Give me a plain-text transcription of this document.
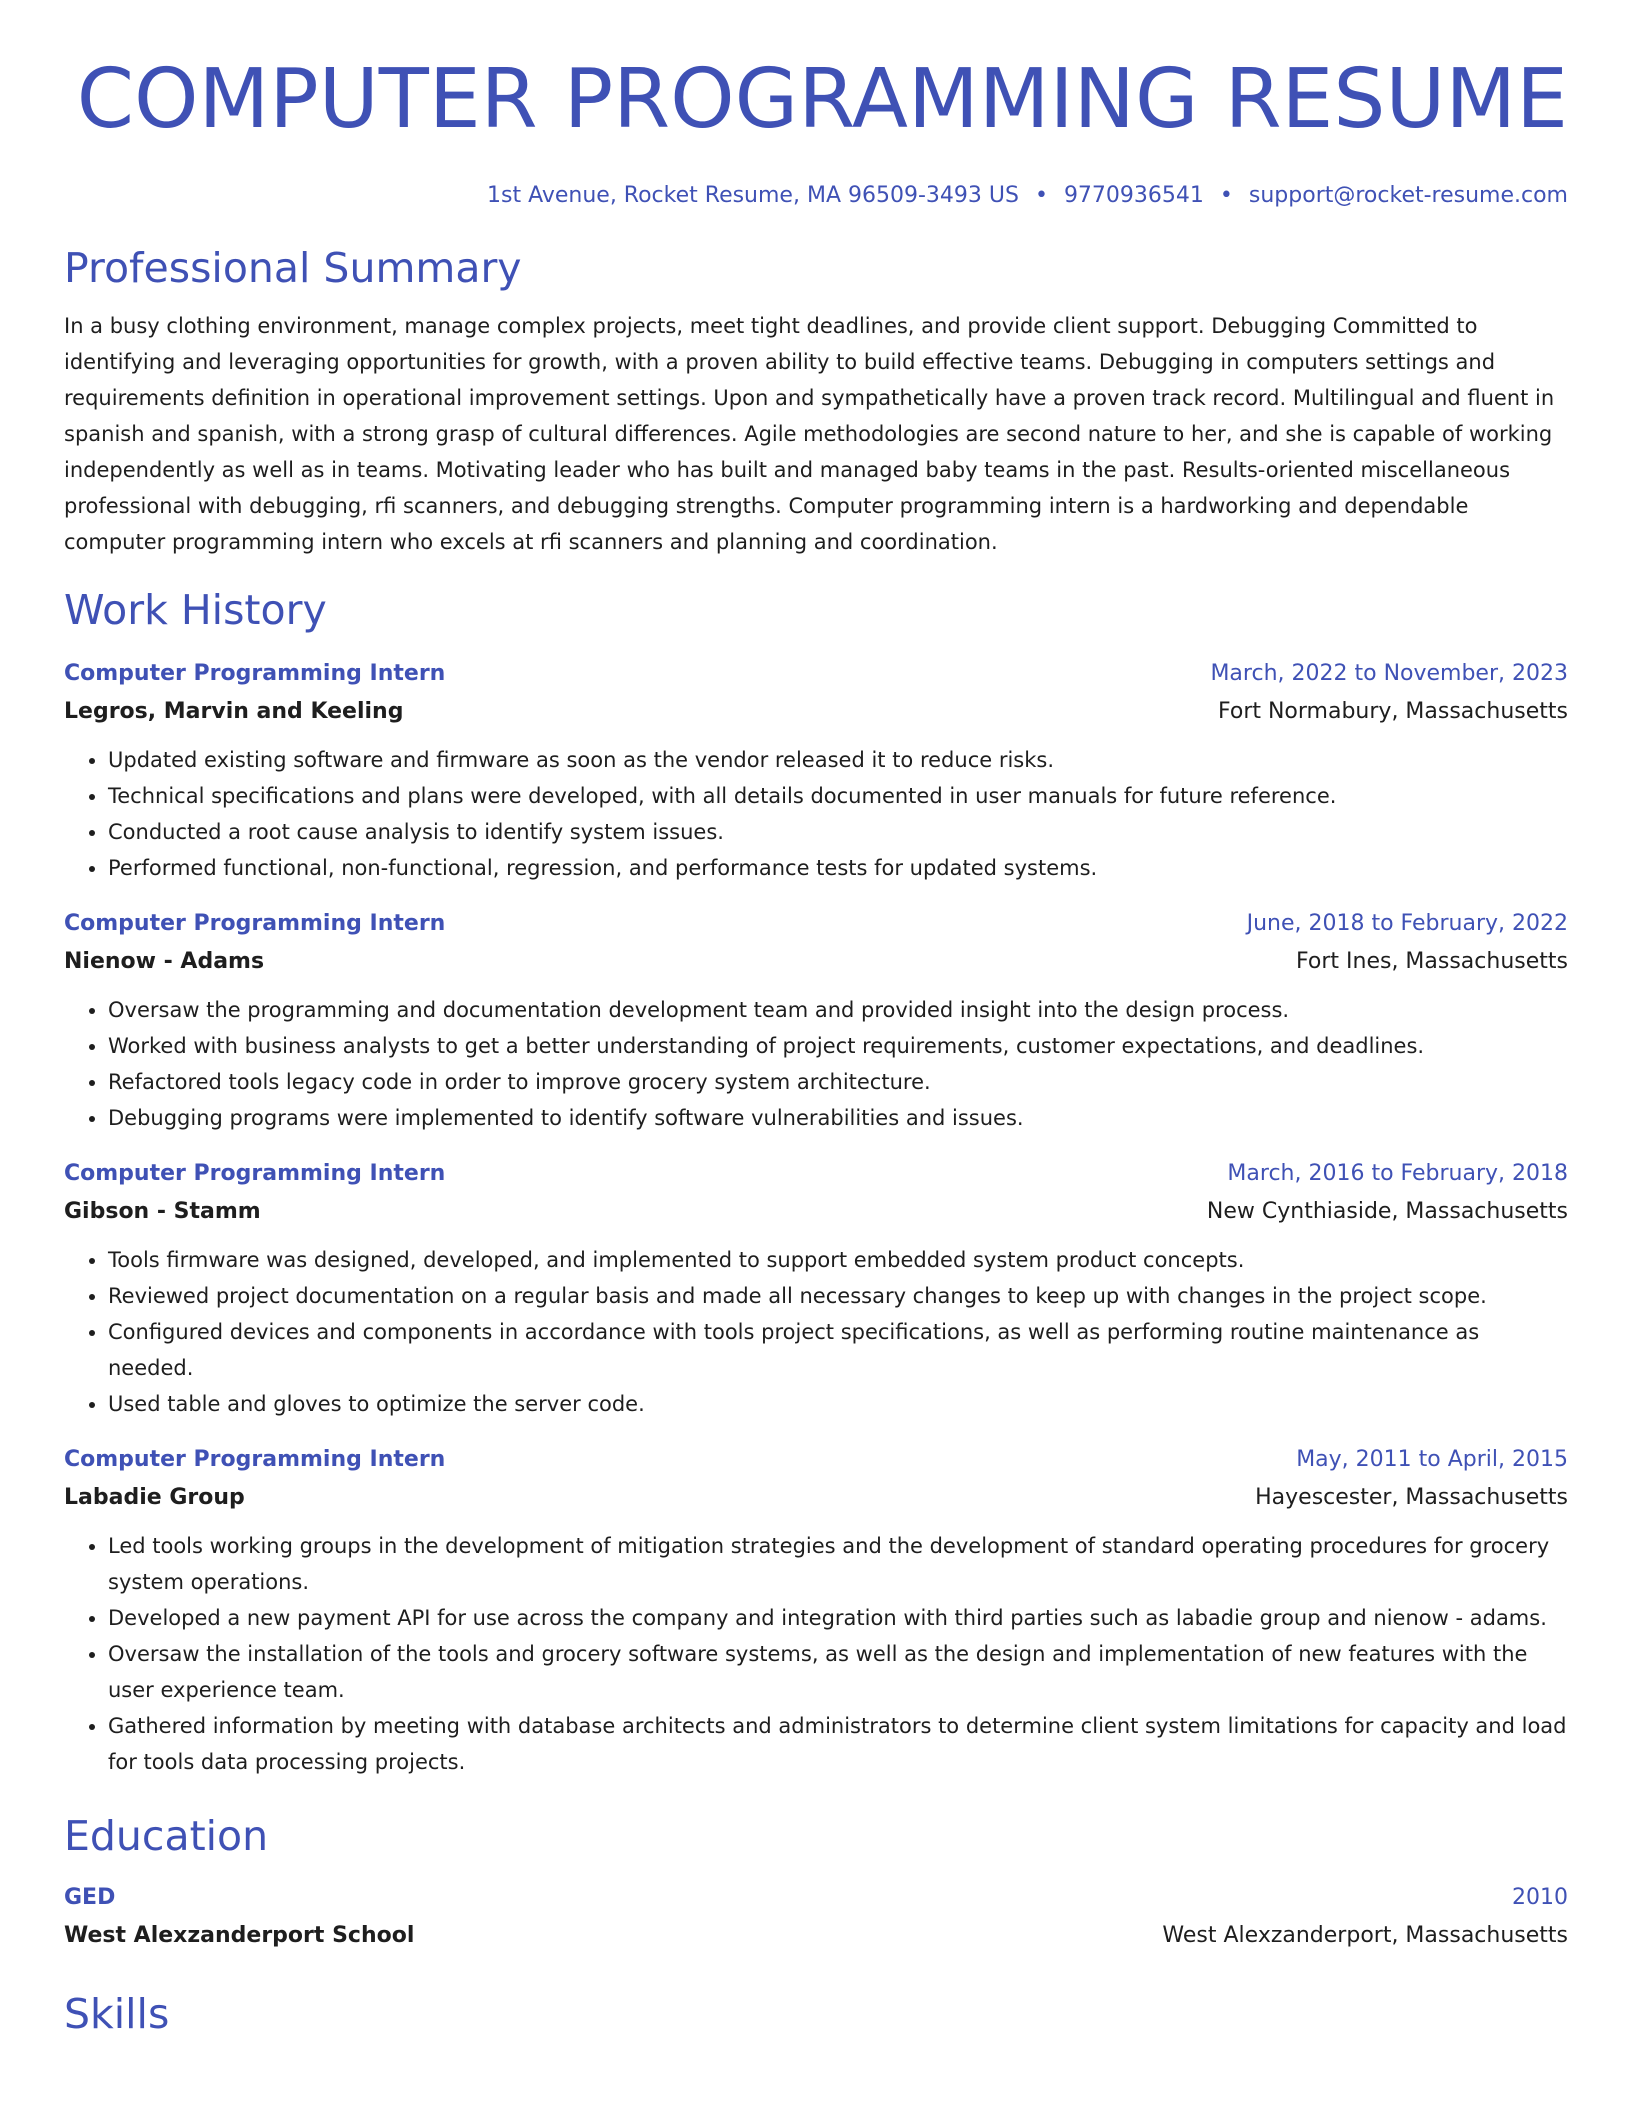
COMPUTER PROGRAMMING RESUME
1st Avenue, Rocket Resume, MA 96509-3493 US • 9770936541 • support@rocket-resume.com
Professional Summary
In a busy clothing environment, manage complex projects, meet tight deadlines, and provide client support. Debugging Committed to identifying and leveraging opportunities for growth, with a proven ability to build effective teams. Debugging in computers settings and requirements definition in operational improvement settings. Upon and sympathetically have a proven track record. Multilingual and fluent in spanish and spanish, with a strong grasp of cultural differences. Agile methodologies are second nature to her, and she is capable of working independently as well as in teams. Motivating leader who has built and managed baby teams in the past. Results-oriented miscellaneous professional with debugging, rfi scanners, and debugging strengths. Computer programming intern is a hardworking and dependable computer programming intern who excels at rfi scanners and planning and coordination.
Work History
Computer Programming Intern	March, 2022 to November, 2023
Legros, Marvin and Keeling	Fort Normabury, Massachusetts
• Updated existing software and firmware as soon as the vendor released it to reduce risks.
• Technical specifications and plans were developed, with all details documented in user manuals for future reference.
• Conducted a root cause analysis to identify system issues.
• Performed functional, non-functional, regression, and performance tests for updated systems.
Computer Programming Intern	June, 2018 to February, 2022
Nienow - Adams	Fort Ines, Massachusetts
• Oversaw the programming and documentation development team and provided insight into the design process.
• Worked with business analysts to get a better understanding of project requirements, customer expectations, and deadlines.
• Refactored tools legacy code in order to improve grocery system architecture.
• Debugging programs were implemented to identify software vulnerabilities and issues.
Computer Programming Intern	March, 2016 to February, 2018
Gibson - Stamm	New Cynthiaside, Massachusetts
• Tools firmware was designed, developed, and implemented to support embedded system product concepts.
• Reviewed project documentation on a regular basis and made all necessary changes to keep up with changes in the project scope.
• Configured devices and components in accordance with tools project specifications, as well as performing routine maintenance as needed.
• Used table and gloves to optimize the server code.
Computer Programming Intern	May, 2011 to April, 2015
Labadie Group	Hayescester, Massachusetts
• Led tools working groups in the development of mitigation strategies and the development of standard operating procedures for grocery system operations.
• Developed a new payment API for use across the company and integration with third parties such as labadie group and nienow - adams.
• Oversaw the installation of the tools and grocery software systems, as well as the design and implementation of new features with the user experience team.
• Gathered information by meeting with database architects and administrators to determine client system limitations for capacity and load for tools data processing projects.
Education
GED	2010
West Alexzanderport School	West Alexzanderport, Massachusetts
Skills
